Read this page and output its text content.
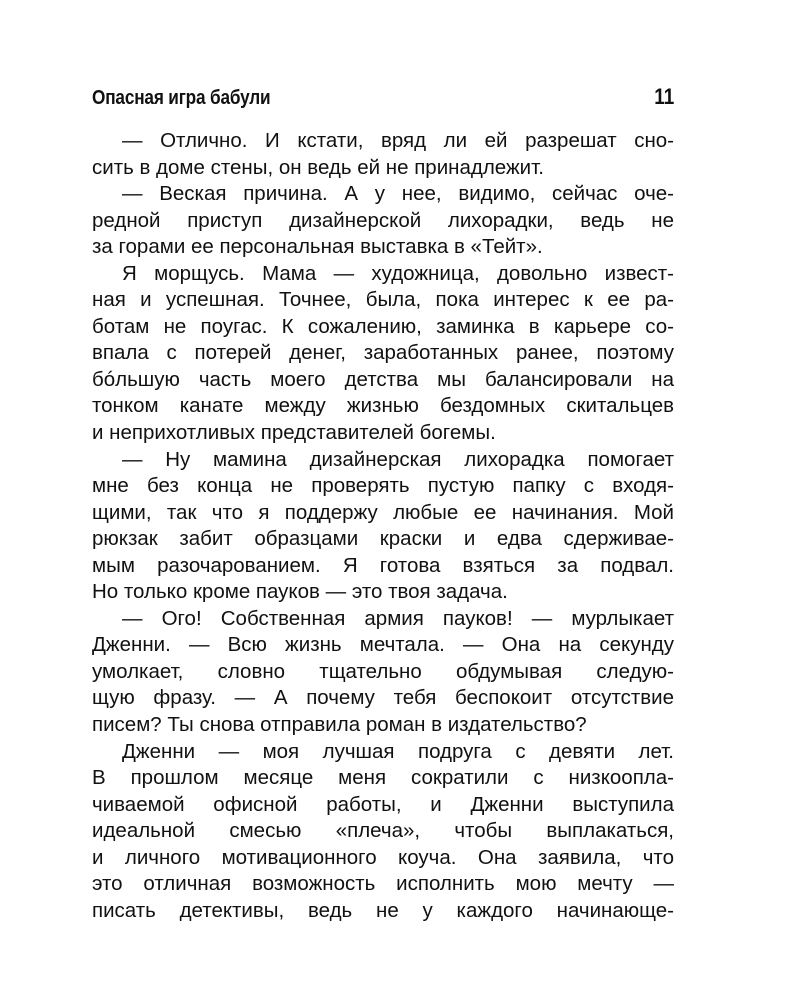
Опасная игра бабули	11
— Отлично. И кстати, вряд ли ей разрешат сно-
сить в доме стены, он ведь ей не принадлежит.
— Веская причина. А у нее, видимо, сейчас оче-
редной приступ дизайнерской лихорадки, ведь не
за горами ее персональная выставка в «Тейт».
Я морщусь. Мама — художница, довольно извест-
ная и успешная. Точнее, была, пока интерес к ее ра-
ботам не поугас. К сожалению, заминка в карьере со-
впала с потерей денег, заработанных ранее, поэтому
бóльшую часть моего детства мы балансировали на
тонком канате между жизнью бездомных скитальцев
и неприхотливых представителей богемы.
— Ну мамина дизайнерская лихорадка помогает
мне без конца не проверять пустую папку с входя-
щими, так что я поддержу любые ее начинания. Мой
рюкзак забит образцами краски и едва сдерживае-
мым разочарованием. Я готова взяться за подвал.
Но только кроме пауков — это твоя задача.
— Ого! Собственная армия пауков! — мурлыкает
Дженни. — Всю жизнь мечтала. — Она на секунду
умолкает, словно тщательно обдумывая следую-
щую фразу. — А почему тебя беспокоит отсутствие
писем? Ты снова отправила роман в издательство?
Дженни — моя лучшая подруга с девяти лет.
В прошлом месяце меня сократили с низкоопла-
чиваемой офисной работы, и Дженни выступила
идеальной смесью «плеча», чтобы выплакаться,
и личного мотивационного коуча. Она заявила, что
это отличная возможность исполнить мою мечту —
писать детективы, ведь не у каждого начинающе-
